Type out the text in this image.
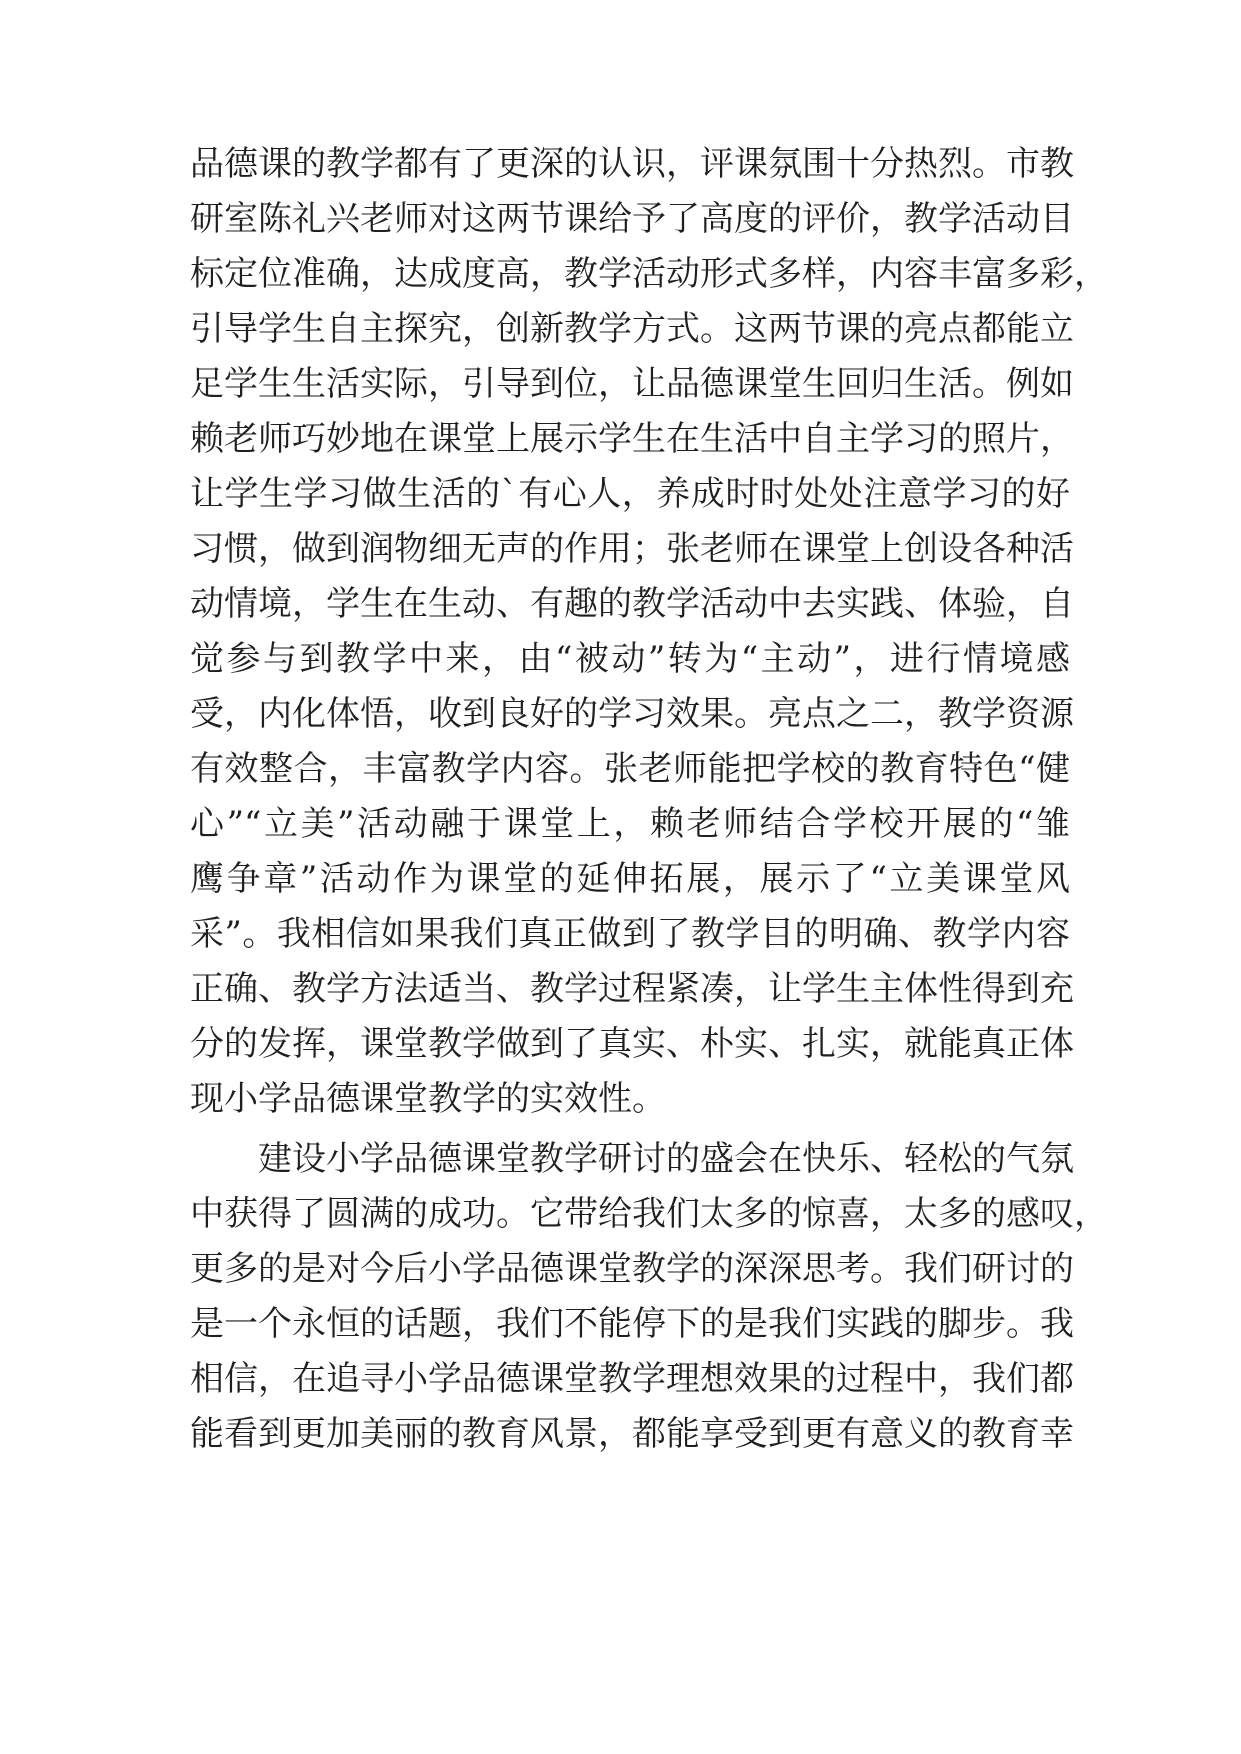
品德课的教学都有了更深的认识，评课氛围十分热烈。市教
研室陈礼兴老师对这两节课给予了高度的评价，教学活动目
标定位准确，达成度高，教学活动形式多样，内容丰富多彩，
引导学生自主探究，创新教学方式。这两节课的亮点都能立
足学生生活实际，引导到位，让品德课堂生回归生活。例如
赖老师巧妙地在课堂上展示学生在生活中自主学习的照片，
让学生学习做生活的`有心人，养成时时处处注意学习的好
习惯，做到润物细无声的作用；张老师在课堂上创设各种活
动情境，学生在生动、有趣的教学活动中去实践、体验，自
觉参与到教学中来，由“被动”转为“主动”，进行情境感
受，内化体悟，收到良好的学习效果。亮点之二，教学资源
有效整合，丰富教学内容。张老师能把学校的教育特色“健
心”“立美”活动融于课堂上，赖老师结合学校开展的“雏
鹰争章”活动作为课堂的延伸拓展，展示了“立美课堂风
采”。我相信如果我们真正做到了教学目的明确、教学内容
正确、教学方法适当、教学过程紧凑，让学生主体性得到充
分的发挥，课堂教学做到了真实、朴实、扎实，就能真正体
现小学品德课堂教学的实效性。
建设小学品德课堂教学研讨的盛会在快乐、轻松的气氛
中获得了圆满的成功。它带给我们太多的惊喜，太多的感叹，
更多的是对今后小学品德课堂教学的深深思考。我们研讨的
是一个永恒的话题，我们不能停下的是我们实践的脚步。我
相信，在追寻小学品德课堂教学理想效果的过程中，我们都
能看到更加美丽的教育风景，都能享受到更有意义的教育幸
